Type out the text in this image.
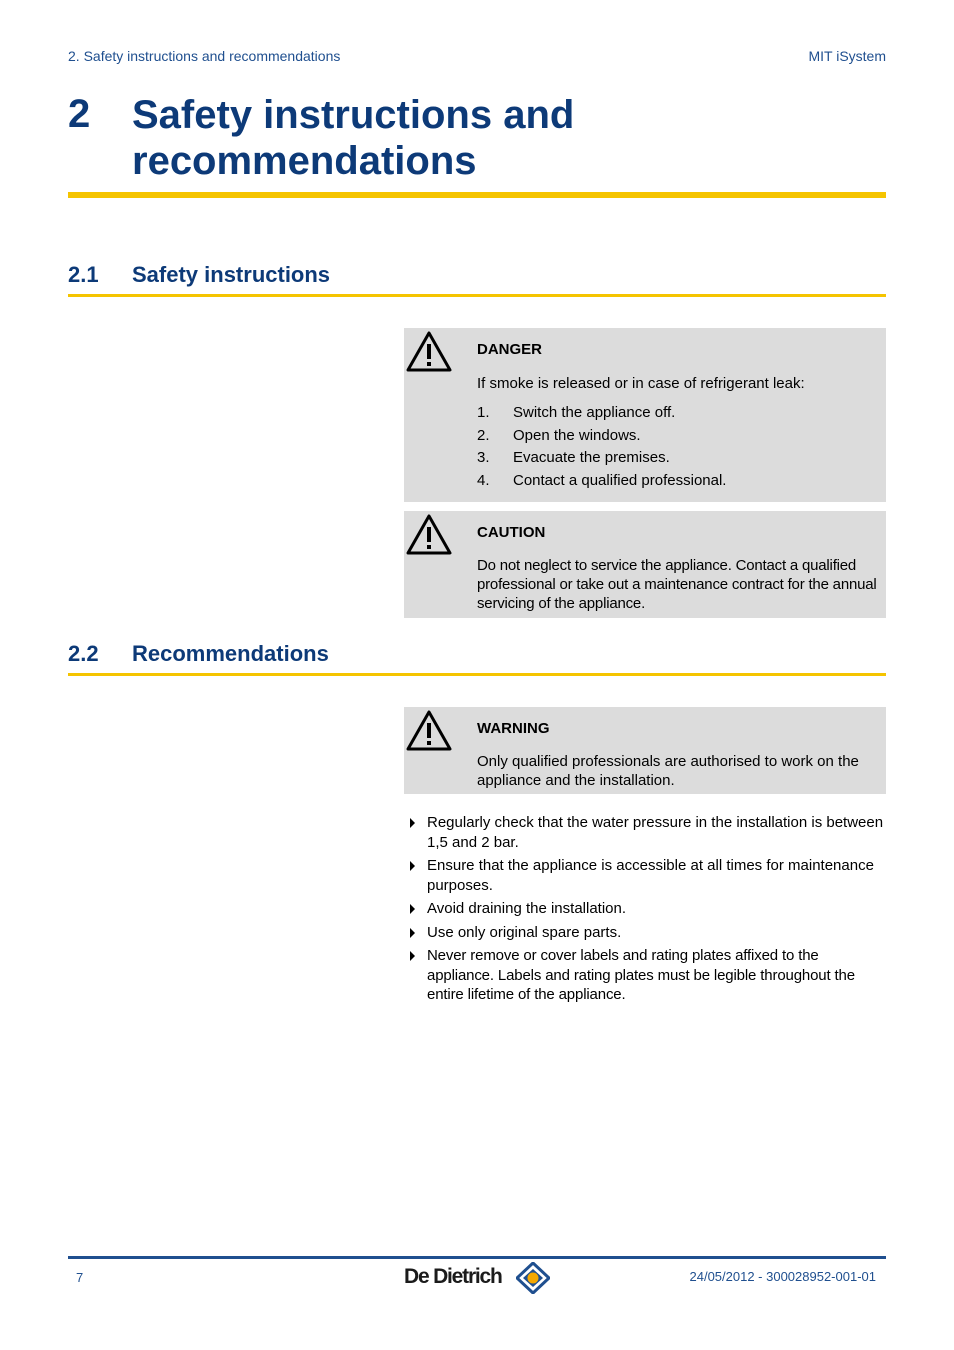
2. Safety instructions and recommendations	MIT iSystem
2 Safety instructions and recommendations
2.1 Safety instructions
DANGER
If smoke is released or in case of refrigerant leak:
1. Switch the appliance off.
2. Open the windows.
3. Evacuate the premises.
4. Contact a qualified professional.
CAUTION
Do not neglect to service the appliance. Contact a qualified professional or take out a maintenance contract for the annual servicing of the appliance.
2.2 Recommendations
WARNING
Only qualified professionals are authorised to work on the appliance and the installation.
Regularly check that the water pressure in the installation is between 1,5 and 2 bar.
Ensure that the appliance is accessible at all times for maintenance purposes.
Avoid draining the installation.
Use only original spare parts.
Never remove or cover labels and rating plates affixed to the appliance. Labels and rating plates must be legible throughout the entire lifetime of the appliance.
7	De Dietrich	24/05/2012 - 300028952-001-01
